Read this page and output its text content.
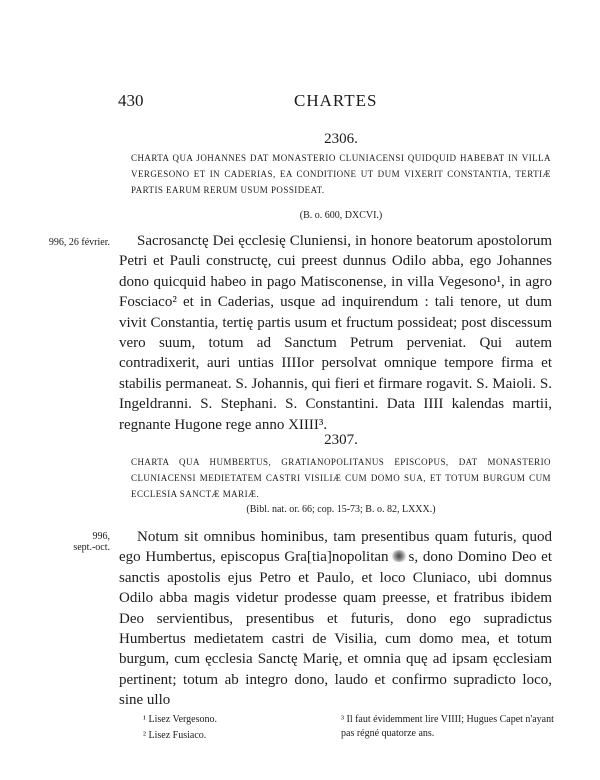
430	CHARTES
2306.
CHARTA QUA JOHANNES DAT MONASTERIO CLUNIACENSI QUIDQUID HABEBAT IN VILLA VERGESONO ET IN CADERIAS, EA CONDITIONE UT DUM VIXERIT CONSTANTIA, TERTIÆ PARTIS EARUM RERUM USUM POSSIDEAT.
(B. o. 600, DXCVI.)
996, 26 février.	Sacrosanctę Dei ęcclesię Cluniensi, in honore beatorum apostolorum Petri et Pauli constructę, cui preest dunnus Odilo abba, ego Johannes dono quicquid habeo in pago Matisconense, in villa Vegesono¹, in agro Fosciaco² et in Caderias, usque ad inquirendum : tali tenore, ut dum vivit Constantia, tertię partis usum et fructum possideat; post discessum vero suum, totum ad Sanctum Petrum perveniat. Qui autem contradixerit, auri untias IIIIor persolvat omnique tempore firma et stabilis permaneat. S. Johannis, qui fieri et firmare rogavit. S. Maioli. S. Ingeldranni. S. Stephani. S. Constantini. Data IIII kalendas martii, regnante Hugone rege anno XIIII³.

2307.
CHARTA QUA HUMBERTUS, GRATIANOPOLITANUS EPISCOPUS, DAT MONASTERIO CLUNIACENSI MEDIETATEM CASTRI VISILIÆ CUM DOMO SUA, ET TOTUM BURGUM CUM ECCLESIA SANCTÆ MARIÆ.
(Bibl. nat. or. 66; cop. 15-73; B. o. 82, LXXX.)
996,
sept.-oct.

Notum sit omnibus hominibus, tam presentibus quam futuris, quod ego Humbertus, episcopus Gra[tia]nopolitan s, dono Domino Deo et sanctis apostolis ejus Petro et Paulo, et loco Cluniaco, ubi domnus Odilo abba magis videtur prodesse quam preesse, et fratribus ibidem Deo servientibus, presentibus et futuris, dono ego supradictus Humbertus medietatem castri de Visilia, cum domo mea, et totum burgum, cum ęcclesia Sanctę Marię, et omnia quę ad ipsam ęcclesiam pertinent; totum ab integro dono, laudo et confirmo supradicto loco, sine ullo

¹ Lisez Vergesono.
² Lisez Fusiaco.
³ Il faut évidemment lire VIIII; Hugues Capet n'ayant pas régné quatorze ans.
